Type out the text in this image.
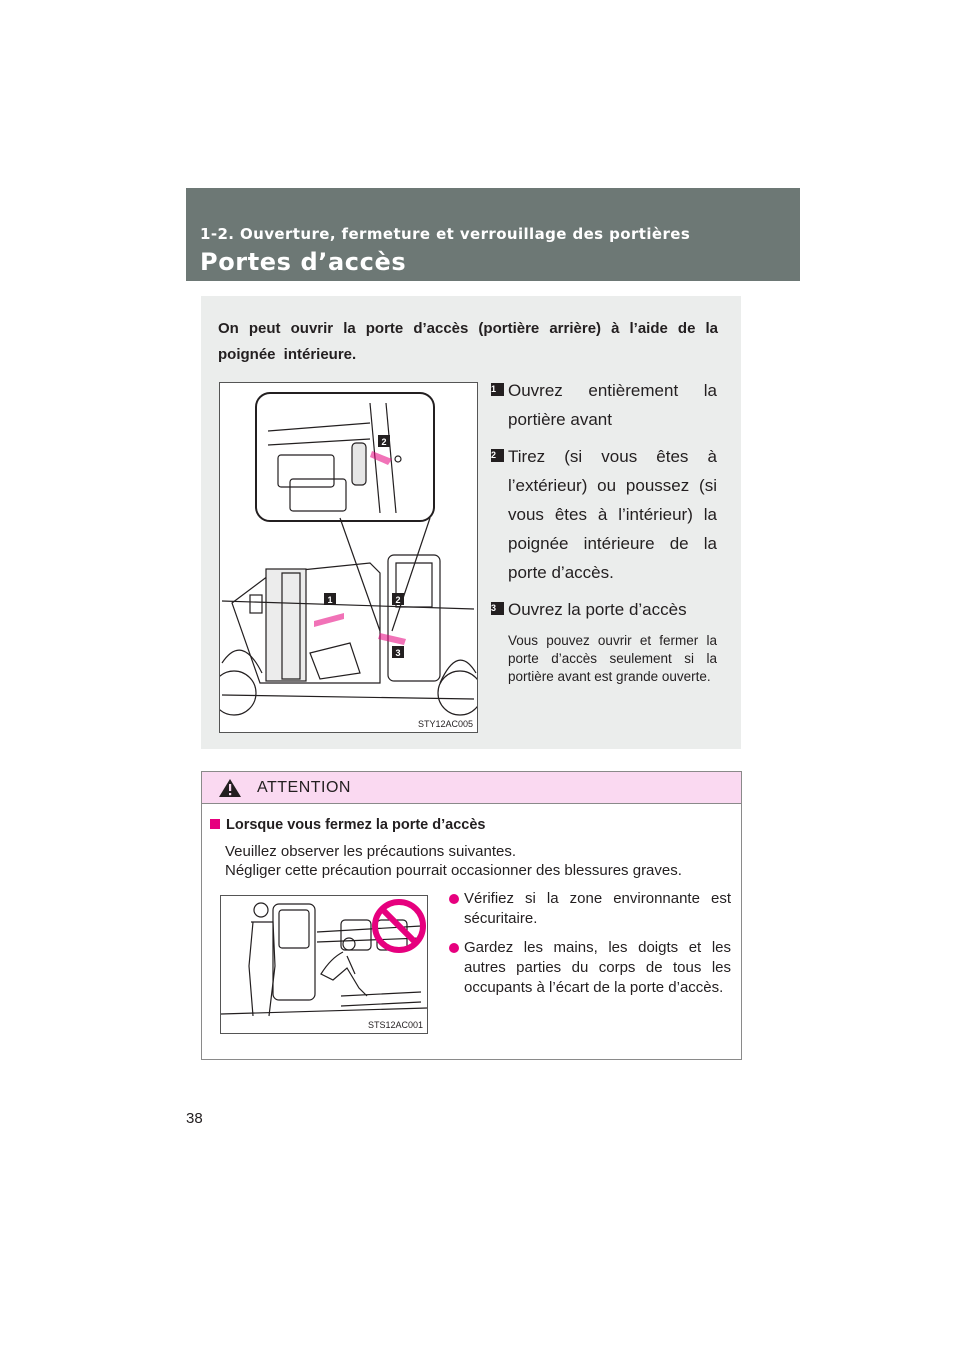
1-2. Ouverture, fermeture et verrouillage des portières
Portes d’accès
On peut ouvrir la porte d’accès (portière arrière) à l’aide de la poignée intérieure.
2
1	2
3
STY12AC005
1 Ouvrez entièrement la portière avant
2 Tirez (si vous êtes à l’extérieur) ou poussez (si vous êtes à l’intérieur) la poignée intérieure de la porte d’accès.
3 Ouvrez la porte d’accès
Vous pouvez ouvrir et fermer la porte d’accès seulement si la portière avant est grande ouverte.
ATTENTION
Lorsque vous fermez la porte d’accès
Veuillez observer les précautions suivantes.
Négliger cette précaution pourrait occasionner des blessures graves.
STS12AC001
Vérifiez si la zone environnante est sécuritaire.
Gardez les mains, les doigts et les autres parties du corps de tous les occupants à l’écart de la porte d’accès.
38
